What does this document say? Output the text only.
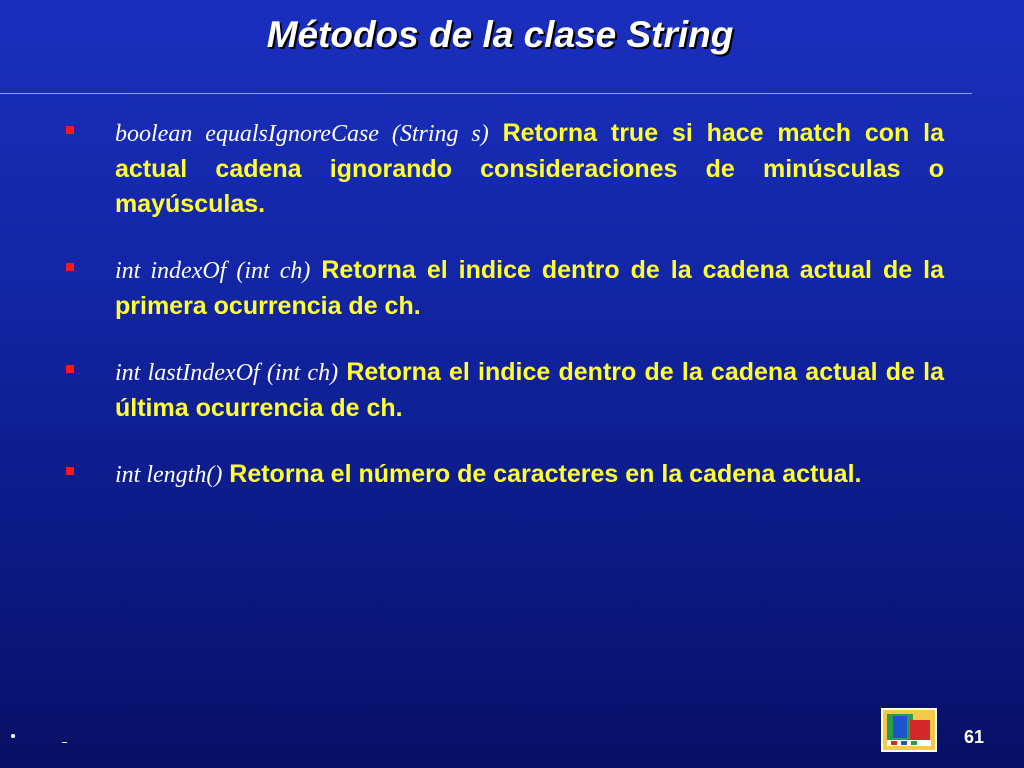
Métodos de la clase String

boolean equalsIgnoreCase (String s) Retorna true si hace match con la actual cadena ignorando consideraciones de minúsculas o mayúsculas.

int indexOf (int ch) Retorna el indice dentro de la cadena actual de la primera ocurrencia de ch.

int lastIndexOf (int ch) Retorna el indice dentro de la cadena actual de la última ocurrencia de ch.

int length() Retorna el número de caracteres en la cadena actual.

61
